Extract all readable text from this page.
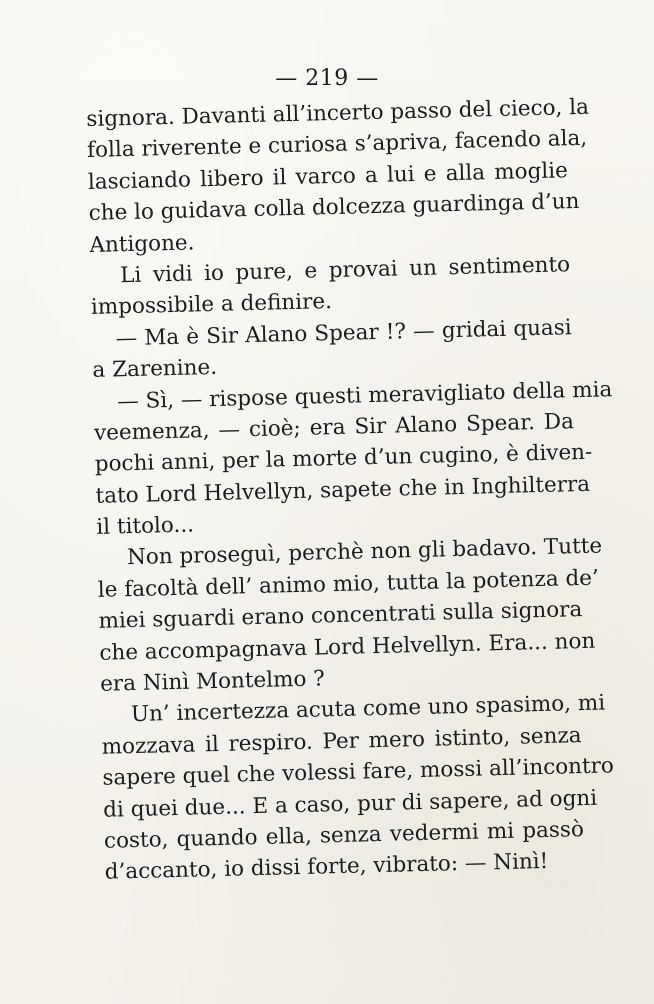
— 219 —
signora. Davanti all’incerto passo del cieco, la
folla riverente e curiosa s’apriva, facendo ala,
lasciando libero il varco a lui e alla moglie
che lo guidava colla dolcezza guardinga d’un
Antigone.
Li vidi io pure, e provai un sentimento
impossibile a definire.
— Ma è Sir Alano Spear !? — gridai quasi
a Zarenine.
— Sì, — rispose questi meravigliato della mia
veemenza, — cioè; era Sir Alano Spear. Da
pochi anni, per la morte d’un cugino, è diven-
tato Lord Helvellyn, sapete che in Inghilterra
il titolo...
Non proseguì, perchè non gli badavo. Tutte
le facoltà dell’ animo mio, tutta la potenza de’
miei sguardi erano concentrati sulla signora
che accompagnava Lord Helvellyn. Era... non
era Ninì Montelmo ?
Un’ incertezza acuta come uno spasimo, mi
mozzava il respiro. Per mero istinto, senza
sapere quel che volessi fare, mossi all’incontro
di quei due... E a caso, pur di sapere, ad ogni
costo, quando ella, senza vedermi mi passò
d’accanto, io dissi forte, vibrato: — Ninì!
